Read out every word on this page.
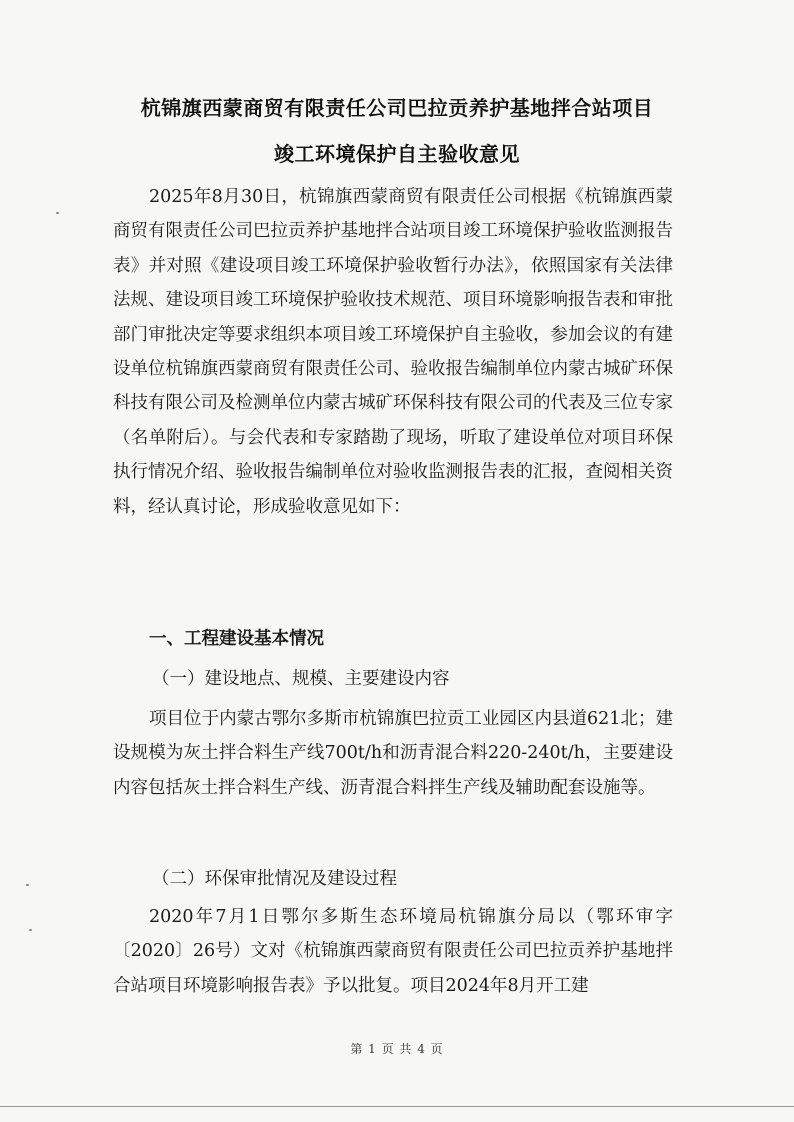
杭锦旗西蒙商贸有限责任公司巴拉贡养护基地拌合站项目
竣工环境保护自主验收意见

2025年8月30日，杭锦旗西蒙商贸有限责任公司根据《杭锦旗西蒙商贸有限责任公司巴拉贡养护基地拌合站项目竣工环境保护验收监测报告表》并对照《建设项目竣工环境保护验收暂行办法》，依照国家有关法律法规、建设项目竣工环境保护验收技术规范、项目环境影响报告表和审批部门审批决定等要求组织本项目竣工环境保护自主验收，参加会议的有建设单位杭锦旗西蒙商贸有限责任公司、验收报告编制单位内蒙古城矿环保科技有限公司及检测单位内蒙古城矿环保科技有限公司的代表及三位专家（名单附后）。与会代表和专家踏勘了现场，听取了建设单位对项目环保执行情况介绍、验收报告编制单位对验收监测报告表的汇报，查阅相关资料，经认真讨论，形成验收意见如下：

一、工程建设基本情况

（一）建设地点、规模、主要建设内容

项目位于内蒙古鄂尔多斯市杭锦旗巴拉贡工业园区内县道621北；建设规模为灰土拌合料生产线700t/h和沥青混合料220-240t/h，主要建设内容包括灰土拌合料生产线、沥青混合料拌生产线及辅助配套设施等。

（二）环保审批情况及建设过程

2020年7月1日鄂尔多斯生态环境局杭锦旗分局以（鄂环审字〔2020〕26号）文对《杭锦旗西蒙商贸有限责任公司巴拉贡养护基地拌合站项目环境影响报告表》予以批复。项目2024年8月开工建

第 1 页 共 4 页
